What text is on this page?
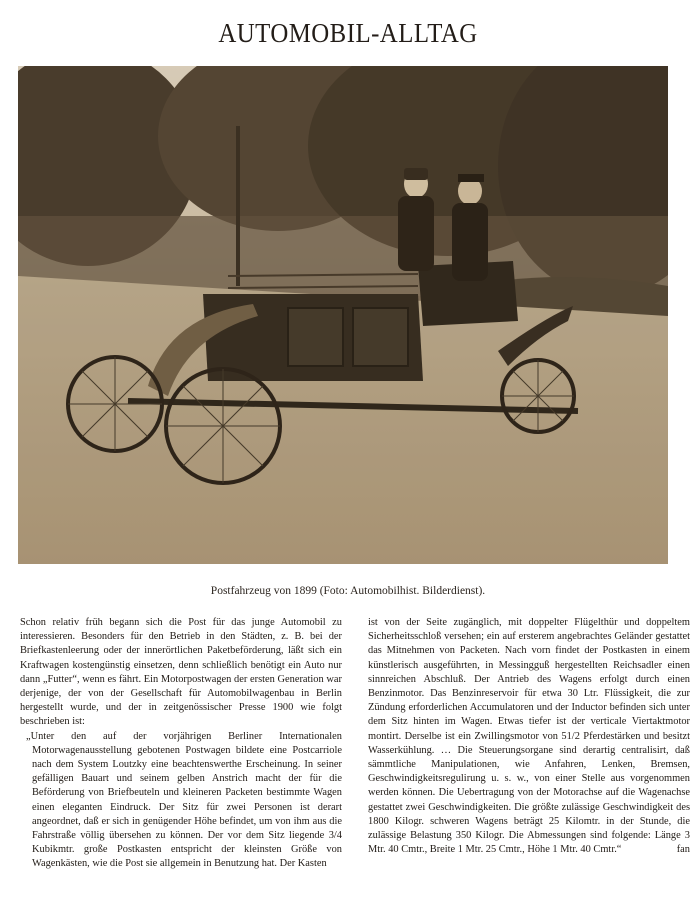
AUTOMOBIL-ALLTAG
Postfahrzeug von 1899 (Foto: Automobilhist. Bilderdienst).

Schon relativ früh begann sich die Post für das junge Automobil zu interessieren. Besonders für den Betrieb in den Städten, z. B. bei der Briefkastenleerung oder der innerörtlichen Paketbeförderung, läßt sich ein Kraftwagen kostengünstig einsetzen, denn schließlich benötigt ein Auto nur dann „Futter“, wenn es fährt. Ein Motorpostwagen der ersten Generation war derjenige, der von der Gesellschaft für Automobilwagenbau in Berlin hergestellt wurde, und der in zeitgenössischer Presse 1900 wie folgt beschrieben ist:

„Unter den auf der vorjährigen Berliner Internationalen Motorwagenausstellung gebotenen Postwagen bildete eine Postcarriole nach dem System Loutzky eine beachtenswerthe Erscheinung. In seiner gefälligen Bauart und seinem gelben Anstrich macht der für die Beförderung von Briefbeuteln und kleineren Packeten bestimmte Wagen einen eleganten Eindruck. Der Sitz für zwei Personen ist derart angeordnet, daß er sich in genügender Höhe befindet, um von ihm aus die Fahrstraße völlig übersehen zu können. Der vor dem Sitz liegende 3/4 Kubikmtr. große Postkasten entspricht der kleinsten Größe von Wagenkästen, wie die Post sie allgemein in Benutzung hat. Der Kasten

ist von der Seite zugänglich, mit doppelter Flügelthür und doppeltem Sicherheitsschloß versehen; ein auf ersterem angebrachtes Geländer gestattet das Mitnehmen von Packeten. Nach vorn findet der Postkasten in einem künstlerisch ausgeführten, in Messingguß hergestellten Reichsadler einen sinnreichen Abschluß. Der Antrieb des Wagens erfolgt durch einen Benzinmotor. Das Benzinreservoir für etwa 30 Ltr. Flüssigkeit, die zur Zündung erforderlichen Accumulatoren und der Inductor befinden sich unter dem Sitz hinten im Wagen. Etwas tiefer ist der verticale Viertaktmotor montirt. Derselbe ist ein Zwillingsmotor von 51/2 Pferdestärken und besitzt Wasserkühlung. … Die Steuerungsorgane sind derartig centralisirt, daß sämmtliche Manipulationen, wie Anfahren, Lenken, Bremsen, Geschwindigkeitsregulirung u. s. w., von einer Stelle aus vorgenommen werden können. Die Uebertragung von der Motorachse auf die Wagenachse gestattet zwei Geschwindigkeiten. Die größte zulässige Geschwindigkeit des 1800 Kilogr. schweren Wagens beträgt 25 Kilomtr. in der Stunde, die zulässige Belastung 350 Kilogr. Die Abmessungen sind folgende: Länge 3 Mtr. 40 Cmtr., Breite 1 Mtr. 25 Cmtr., Höhe 1 Mtr. 40 Cmtr.“	fan
